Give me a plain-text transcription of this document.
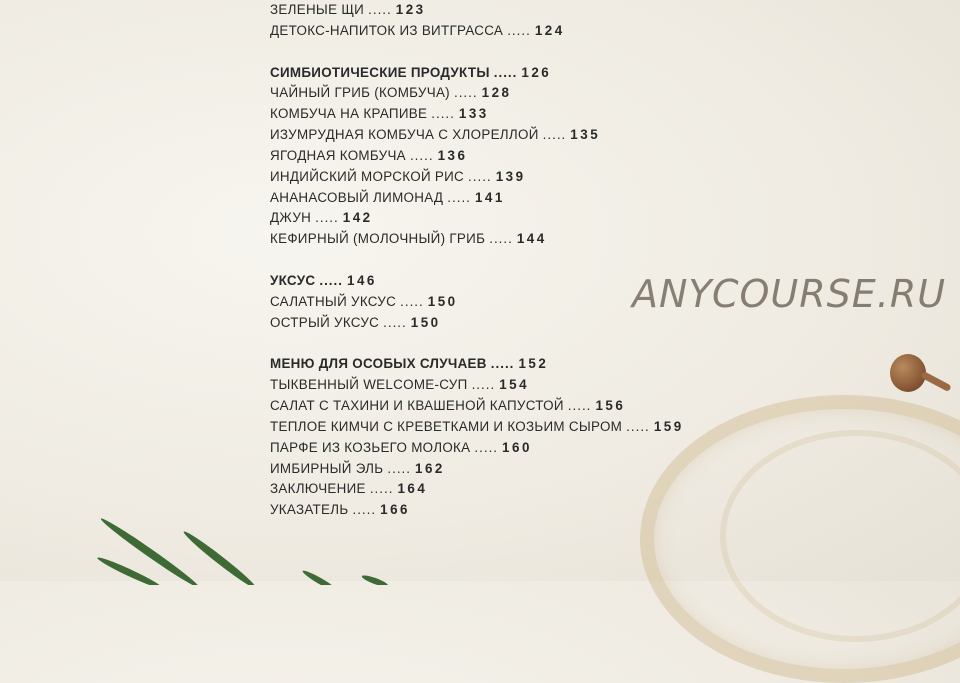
ЗЕЛЕНЫЕ ЩИ ..... 123
ДЕТОКС-НАПИТОК ИЗ ВИТГРАССА ..... 124
СИМБИОТИЧЕСКИЕ ПРОДУКТЫ ..... 126
ЧАЙНЫЙ ГРИБ (КОМБУЧА) ..... 128
КОМБУЧА НА КРАПИВЕ ..... 133
ИЗУМРУДНАЯ КОМБУЧА С ХЛОРЕЛЛОЙ ..... 135
ЯГОДНАЯ КОМБУЧА ..... 136
ИНДИЙСКИЙ МОРСКОЙ РИС ..... 139
АНАНАСОВЫЙ ЛИМОНАД ..... 141
ДЖУН ..... 142
КЕФИРНЫЙ (МОЛОЧНЫЙ) ГРИБ ..... 144
УКСУС ..... 146
САЛАТНЫЙ УКСУС ..... 150
ОСТРЫЙ УКСУС ..... 150
МЕНЮ ДЛЯ ОСОБЫХ СЛУЧАЕВ ..... 152
ТЫКВЕННЫЙ WELCOME-СУП ..... 154
САЛАТ С ТАХИНИ И КВАШЕНОЙ КАПУСТОЙ ..... 156
ТЕПЛОЕ КИМЧИ С КРЕВЕТКАМИ И КОЗЬИМ СЫРОМ ..... 159
ПАРФЕ ИЗ КОЗЬЕГО МОЛОКА ..... 160
ИМБИРНЫЙ ЭЛЬ ..... 162
ЗАКЛЮЧЕНИЕ ..... 164
УКАЗАТЕЛЬ ..... 166
ANYCOURSE.RU
